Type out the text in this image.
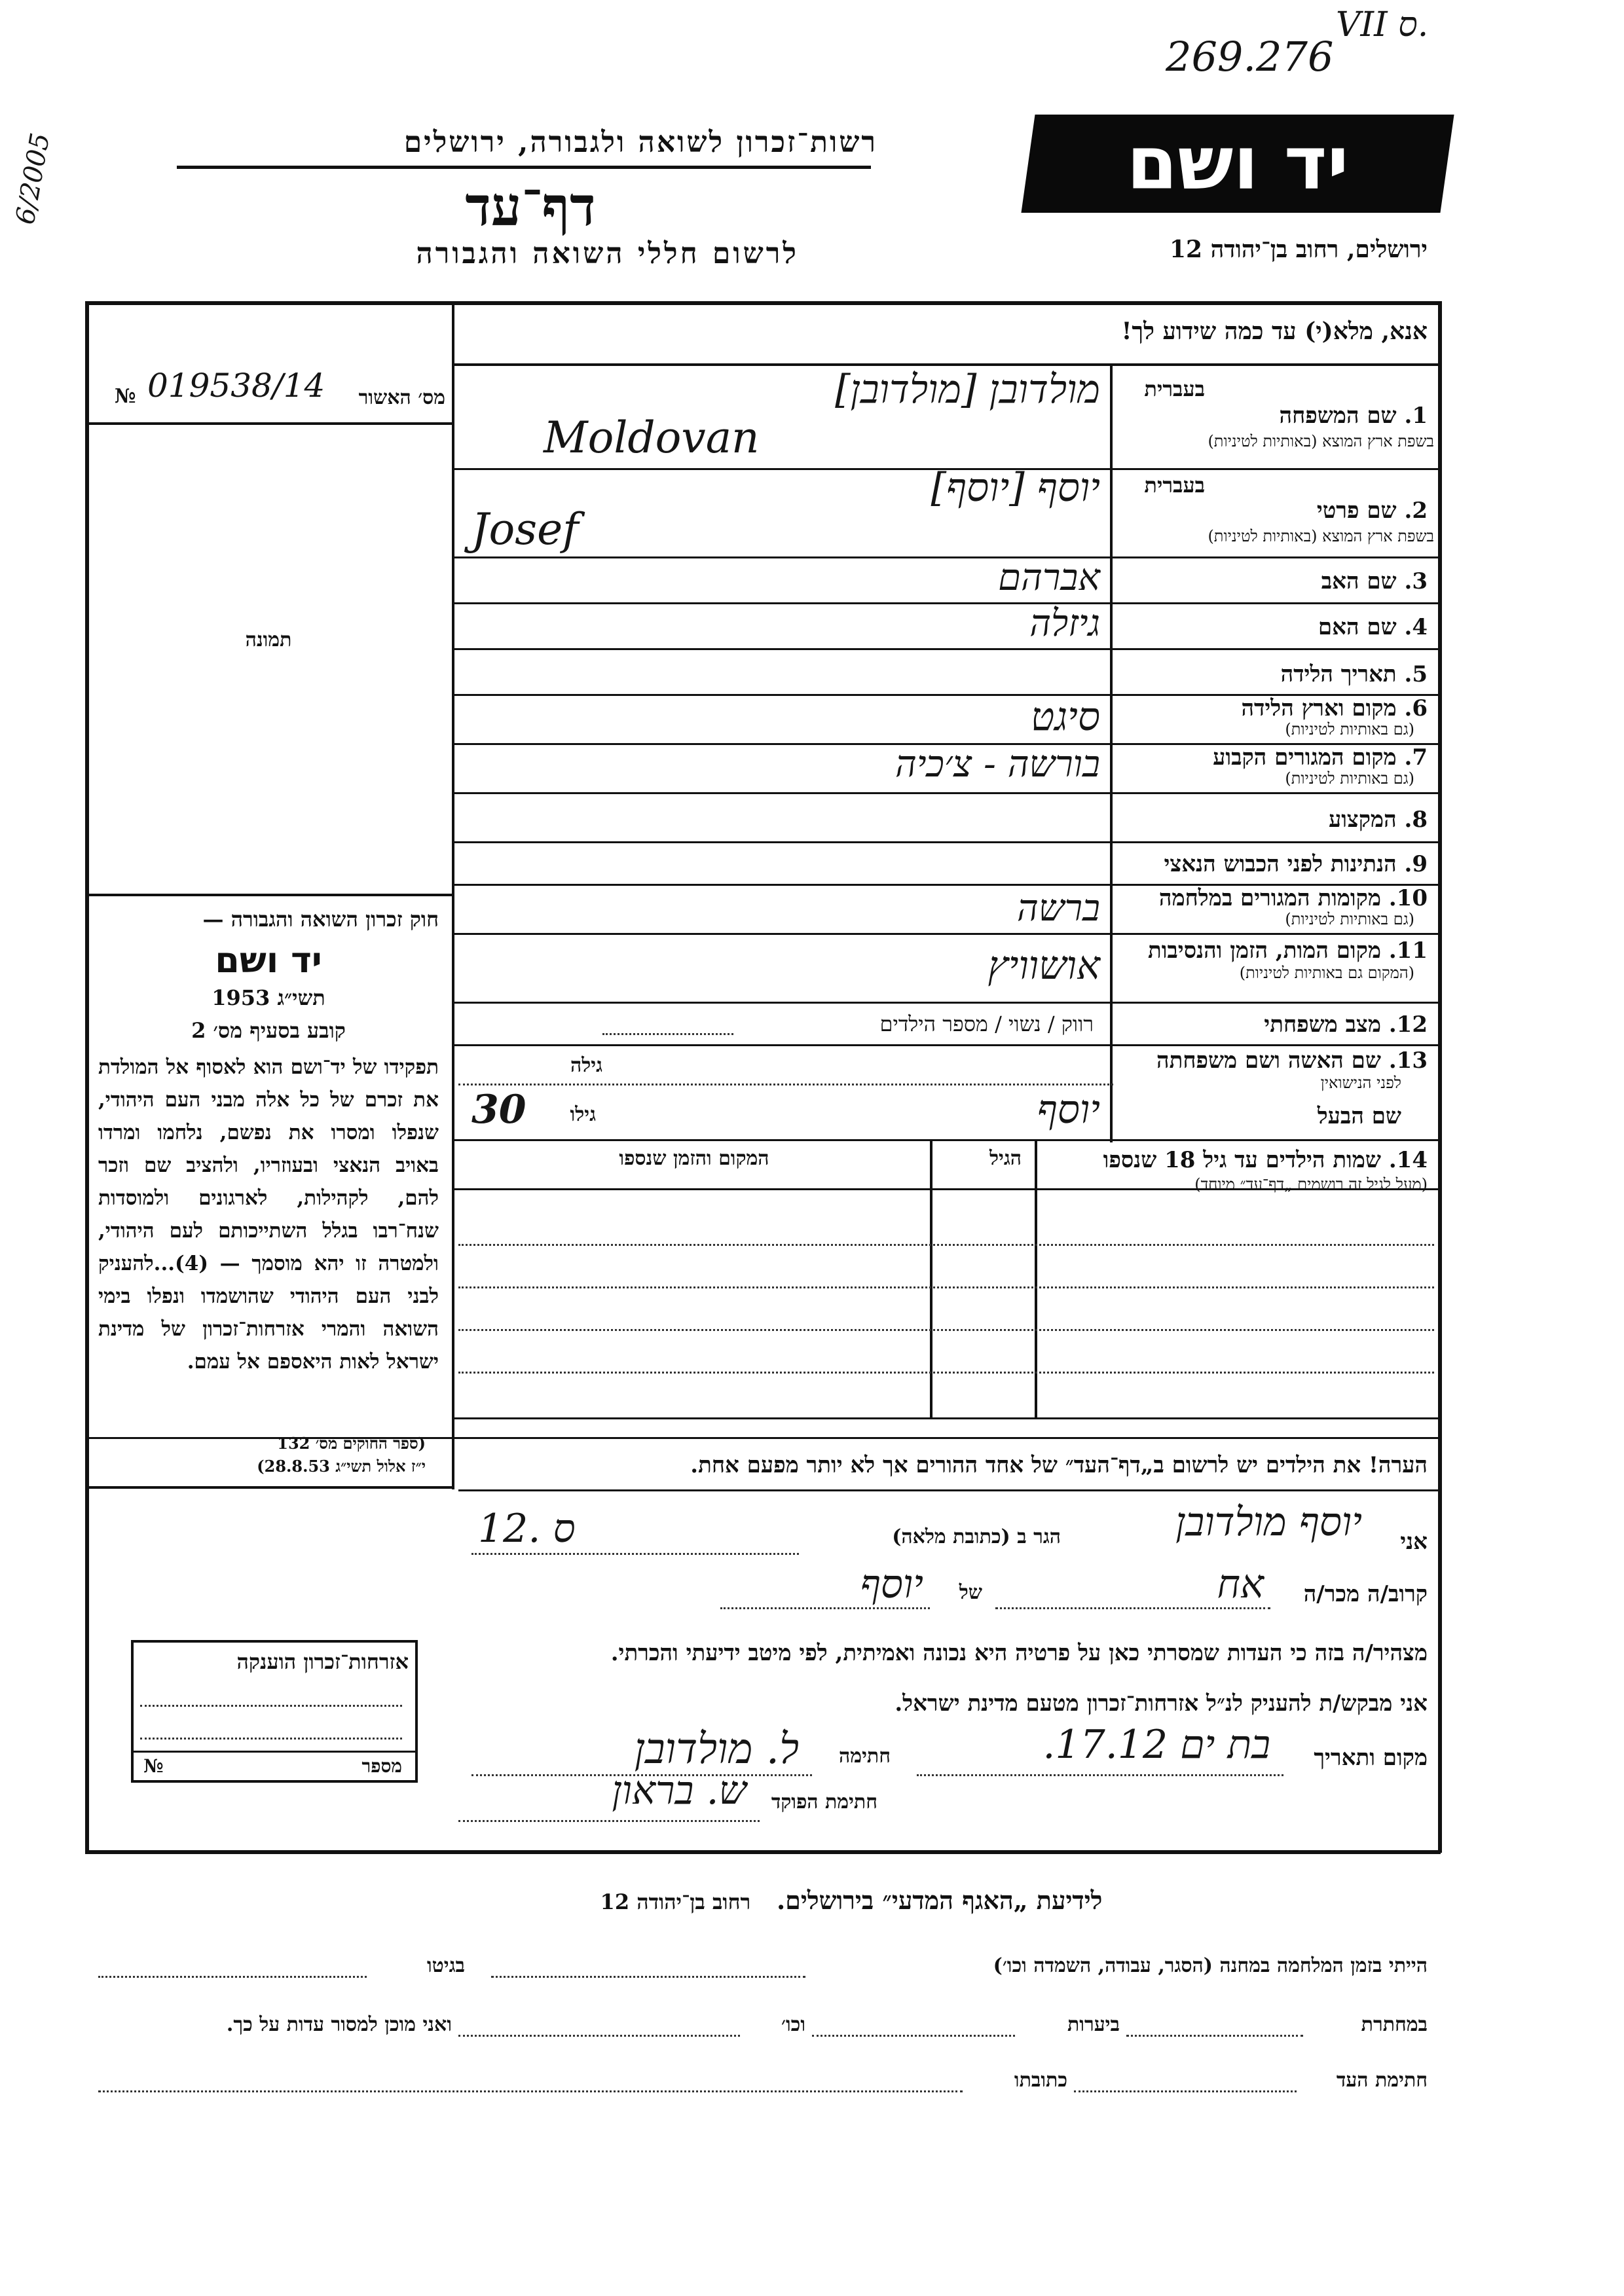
269.276
VII ס.
6/2005	רשות־זכרון לשואה ולגבורה, ירושלים
דף־עד
לרשום חללי השואה והגבורה
יד ושם
ירושלים, רחוב בן־יהודה 12
אנא, מלא(י) עד כמה שידוע לך!
מס׳ האשור
№ 019538/14
תמונה
בעברית
1. שם המשפחה
בשפת ארץ המוצא (באותיות לטיניות)
מולדובן [מולדובן]
Moldovan
בעברית
2. שם פרטי
בשפת ארץ המוצא (באותיות לטיניות)
יוסף [יוסף]
Josef
3. שם האב
אברהם
4. שם האם
גיזלה
5. תאריך הלידה
6. מקום וארץ הלידה
(גם באותיות לטיניות)
סיגט
7. מקום המגורים הקבוע
(גם באותיות לטיניות)
בורשה - צ׳כיה
8. המקצוע
9. הנתינות לפני הכבוש הנאצי
10. מקומות המגורים במלחמה
(גם באותיות לטיניות)
ברשה
11. מקום המות, הזמן והנסיבות
(המקום גם באותיות לטיניות)
אושוויץ
12. מצב משפחתי
רווק / נשוי / מספר הילדים
13. שם האשה ושם משפחתה
לפני הנישואין
גילה
שם הבעל
יוסף
גילו
30
14. שמות הילדים עד גיל 18 שנספו
(מעל לגיל זה רושמים „דף־עד״ מיוחד)
הגיל
המקום והזמן שנספו
חוק זכרון השואה והגבורה —
יד ושם
תשי״ג 1953
קובע בסעיף מס׳ 2
תפקידו של יד־ושם הוא לאסוף אל המולדת את זכרם של כל אלה מבני העם היהודי, שנפלו ומסרו את נפשם, נלחמו ומרדו באויב הנאצי ובעוזריו, ולהציב שם וזכר להם, לקהילות, לארגונים ולמוסדות שנח־רבו בגלל השתייכותם לעם היהודי, ולמטרה זו יהא מוסמך — (4)...להעניק לבני העם היהודי שהושמדו ונפלו בימי השואה והמרי אזרחות־זכרון של מדינת ישראל לאות היאספם אל עמם.
(ספר החוקים מס׳ 132
י״ז אלול תשי״ג 28.8.53)
אזרחות־זכרון הוענקה
מספר
№
הערה! את הילדים יש לרשום ב„דף־העד״ של אחד ההורים אך לא יותר מפעם אחת.
אני
יוסף מולדובן
הגר ב (כתובת מלאה)
12. ס
קרוב/ה מכר/ה
אח
של
יוסף
מצהיר/ה בזה כי העדות שמסרתי כאן על פרטיה היא נכונה ואמיתית, לפי מיטב ידיעתי והכרתי.
אני מבקש/ת להעניק לנ״ל אזרחות־זכרון מטעם מדינת ישראל.
מקום ותאריך
בת ים 17.12.
חתימה
ל. מולדובן
חתימת הפוקד
ש. בראון
לידיעת „האגף המדעי״ בירושלים.   רחוב בן־יהודה 12
הייתי בזמן המלחמה במחנה (הסגר, עבודה, השמדה וכו׳)
בגיטו
במחתרת
ביערות
וכו׳
ואני מוכן למסור עדות על כך.
חתימת העד
כתובתו
